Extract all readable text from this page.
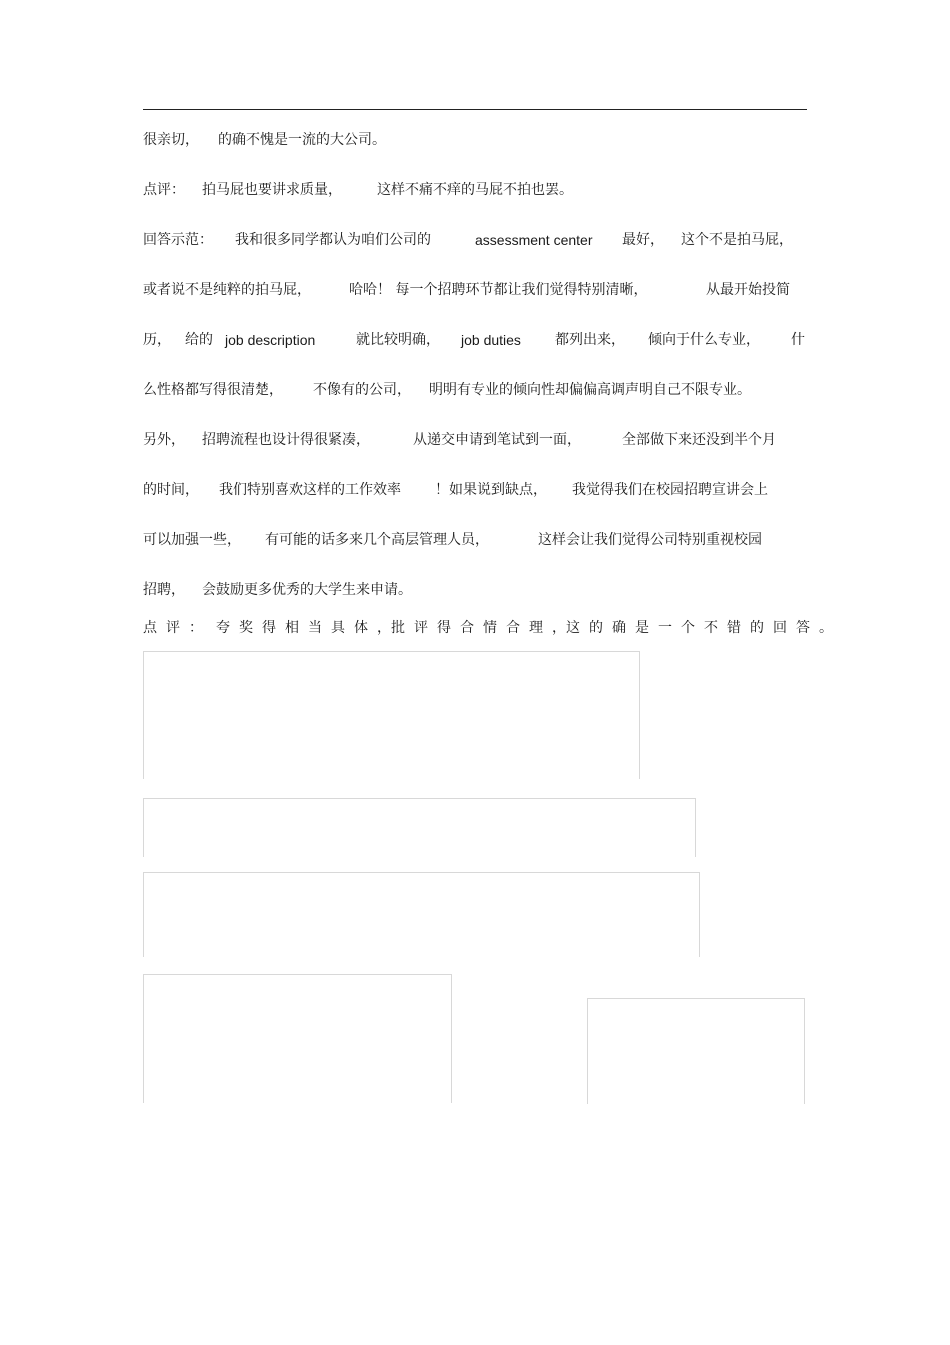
很亲切， 的确不愧是一流的大公司。
点评： 拍马屁也要讲求质量，	这样不痛不痒的马屁不拍也罢。
回答示范： 我和很多同学都认为咱们公司的	assessment center 最好， 这个不是拍马屁，
或者说不是纯粹的拍马屁，	哈哈！ 每一个招聘环节都让我们觉得特别清晰，	从最开始投简
历， 给的 job description	就比较明确， job duties 都列出来， 倾向于什么专业， 什
么性格都写得很清楚， 不像有的公司， 明明有专业的倾向性却偏偏高调声明自己不限专业。
另外， 招聘流程也设计得很紧凑，	从递交申请到笔试到一面，	全部做下来还没到半个月
的时间， 我们特别喜欢这样的工作效率 ！如果说到缺点， 我觉得我们在校园招聘宣讲会上
可以加强一些， 有可能的话多来几个高层管理人员，	这样会让我们觉得公司特别重视校园
招聘， 会鼓励更多优秀的大学生来申请。
点评： 夸奖得相当具体，
批评得合情合理，
这的确是一个不错的回答。
